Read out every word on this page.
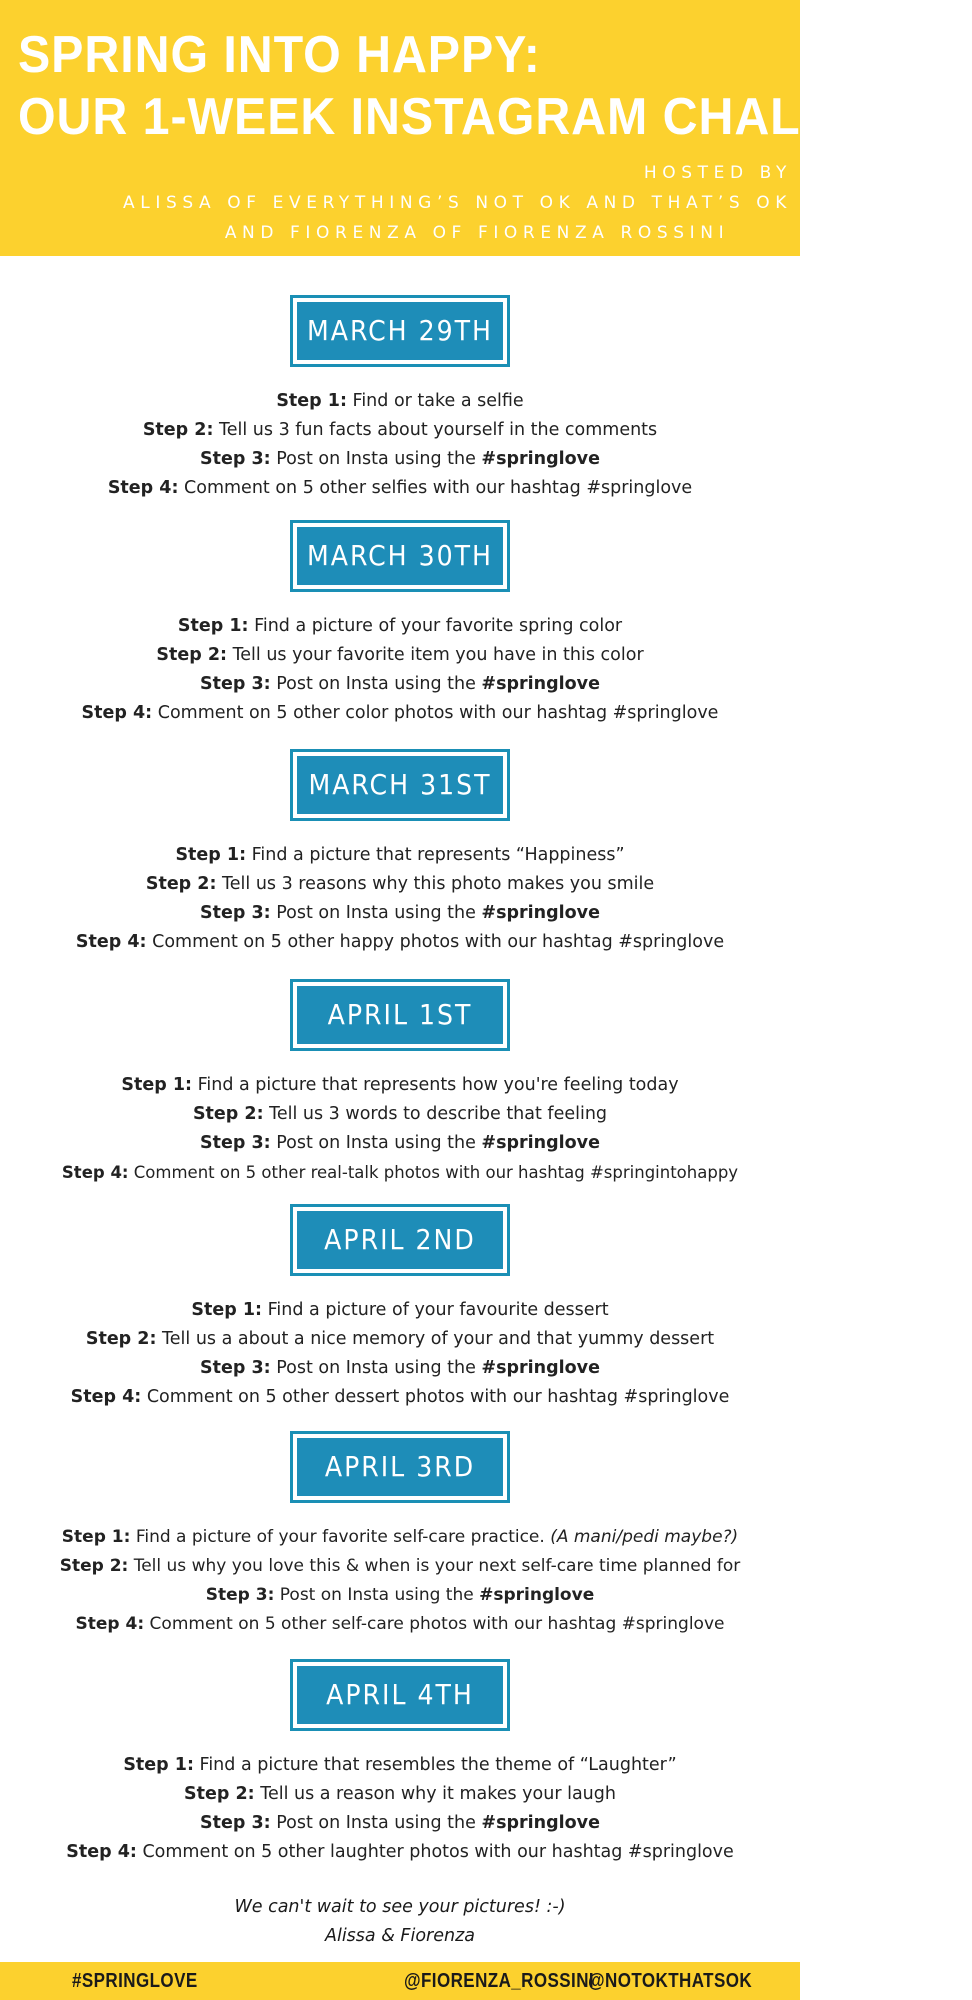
SPRING INTO HAPPY:
OUR 1-WEEK INSTAGRAM CHALLENGE
HOSTED BY
ALISSA OF EVERYTHING’S NOT OK AND THAT’S OK
AND FIORENZA OF FIORENZA ROSSINI
MARCH 29TH
Step 1: Find or take a selfie
Step 2: Tell us 3 fun facts about yourself in the comments
Step 3: Post on Insta using the #springlove
Step 4: Comment on 5 other selfies with our hashtag #springlove
MARCH 30TH
Step 1: Find a picture of your favorite spring color
Step 2: Tell us your favorite item you have in this color
Step 3: Post on Insta using the #springlove
Step 4: Comment on 5 other color photos with our hashtag #springlove
MARCH 31ST
Step 1: Find a picture that represents “Happiness”
Step 2: Tell us 3 reasons why this photo makes you smile
Step 3: Post on Insta using the #springlove
Step 4: Comment on 5 other happy photos with our hashtag #springlove
APRIL 1ST
Step 1: Find a picture that represents how you're feeling today
Step 2: Tell us 3 words to describe that feeling
Step 3: Post on Insta using the #springlove
Step 4: Comment on 5 other real-talk photos with our hashtag #springintohappy
APRIL 2ND
Step 1: Find a picture of your favourite dessert
Step 2: Tell us a about a nice memory of your and that yummy dessert
Step 3: Post on Insta using the #springlove
Step 4: Comment on 5 other dessert photos with our hashtag #springlove
APRIL 3RD
Step 1: Find a picture of your favorite self-care practice. (A mani/pedi maybe?)
Step 2: Tell us why you love this & when is your next self-care time planned for
Step 3: Post on Insta using the #springlove
Step 4: Comment on 5 other self-care photos with our hashtag #springlove
APRIL 4TH
Step 1: Find a picture that resembles the theme of “Laughter”
Step 2: Tell us a reason why it makes your laugh
Step 3: Post on Insta using the #springlove
Step 4: Comment on 5 other laughter photos with our hashtag #springlove
We can't wait to see your pictures! :-)
Alissa & Fiorenza
#SPRINGLOVE	@FIORENZA_ROSSINI
@NOTOKTHATSOK
